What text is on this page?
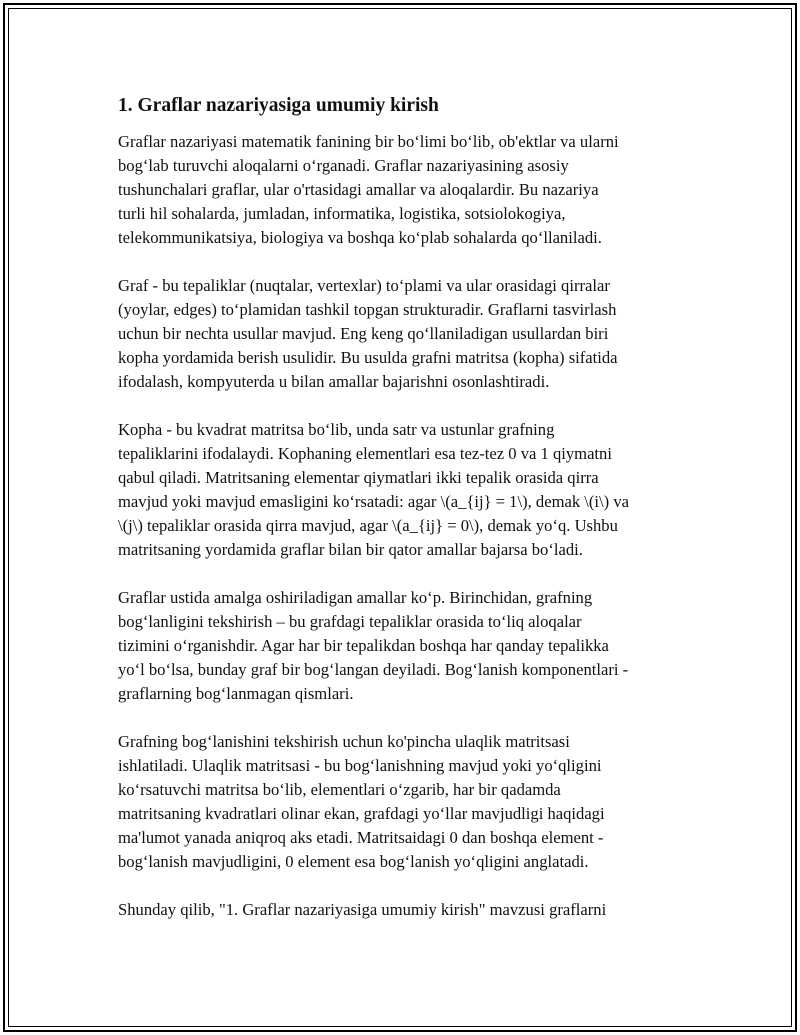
1. Graflar nazariyasiga umumiy kirish

Graflar nazariyasi matematik fanining bir bo‘limi bo‘lib, ob'ektlar va ularni
bog‘lab turuvchi aloqalarni o‘rganadi. Graflar nazariyasining asosiy
tushunchalari graflar, ular o'rtasidagi amallar va aloqalardir. Bu nazariya
turli hil sohalarda, jumladan, informatika, logistika, sotsiolokogiya,
telekommunikatsiya, biologiya va boshqa ko‘plab sohalarda qo‘llaniladi.

Graf - bu tepaliklar (nuqtalar, vertexlar) to‘plami va ular orasidagi qirralar
(yoylar, edges) to‘plamidan tashkil topgan strukturadir. Graflarni tasvirlash
uchun bir nechta usullar mavjud. Eng keng qo‘llaniladigan usullardan biri
kopha yordamida berish usulidir. Bu usulda grafni matritsa (kopha) sifatida
ifodalash, kompyuterda u bilan amallar bajarishni osonlashtiradi.

Kopha - bu kvadrat matritsa bo‘lib, unda satr va ustunlar grafning
tepaliklarini ifodalaydi. Kophaning elementlari esa tez-tez 0 va 1 qiymatni
qabul qiladi. Matritsaning elementar qiymatlari ikki tepalik orasida qirra
mavjud yoki mavjud emasligini ko‘rsatadi: agar \(a_{ij} = 1\), demak \(i\) va
\(j\) tepaliklar orasida qirra mavjud, agar \(a_{ij} = 0\), demak yo‘q. Ushbu
matritsaning yordamida graflar bilan bir qator amallar bajarsa bo‘ladi.

Graflar ustida amalga oshiriladigan amallar ko‘p. Birinchidan, grafning
bog‘lanligini tekshirish – bu grafdagi tepaliklar orasida to‘liq aloqalar
tizimini o‘rganishdir. Agar har bir tepalikdan boshqa har qanday tepalikka
yo‘l bo‘lsa, bunday graf bir bog‘langan deyiladi. Bog‘lanish komponentlari -
graflarning bog‘lanmagan qismlari.

Grafning bog‘lanishini tekshirish uchun ko'pincha ulaqlik matritsasi
ishlatiladi. Ulaqlik matritsasi - bu bog‘lanishning mavjud yoki yo‘qligini
ko‘rsatuvchi matritsa bo‘lib, elementlari o‘zgarib, har bir qadamda
matritsaning kvadratlari olinar ekan, grafdagi yo‘llar mavjudligi haqidagi
ma'lumot yanada aniqroq aks etadi. Matritsaidagi 0 dan boshqa element -
bog‘lanish mavjudligini, 0 element esa bog‘lanish yo‘qligini anglatadi.

Shunday qilib, "1. Graflar nazariyasiga umumiy kirish" mavzusi graflarni
